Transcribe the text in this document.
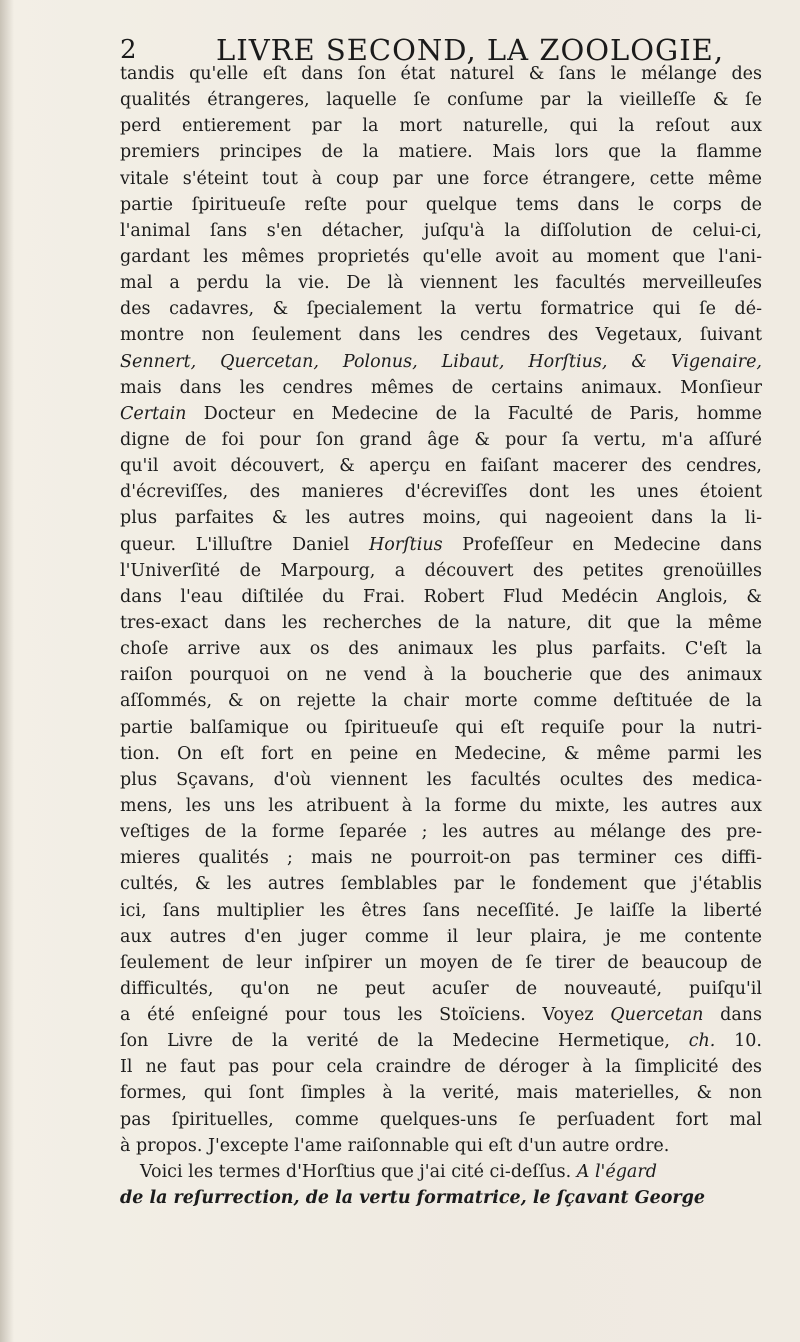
2	LIVRE SECOND, LA ZOOLOGIE,
tandis qu'elle eſt dans ſon état naturel & ſans le mélange des
qualités étrangeres, laquelle ſe conſume par la vieilleſſe & ſe
perd entierement par la mort naturelle, qui la reſout aux
premiers principes de la matiere. Mais lors que la flamme
vitale s'éteint tout à coup par une force étrangere, cette même
partie ſpiritueuſe reſte pour quelque tems dans le corps de
l'animal ſans s'en détacher, juſqu'à la diſſolution de celui-ci,
gardant les mêmes proprietés qu'elle avoit au moment que l'ani-
mal a perdu la vie. De là viennent les facultés merveilleuſes
des cadavres, & ſpecialement la vertu formatrice qui ſe dé-
montre non ſeulement dans les cendres des Vegetaux, ſuivant
Sennert, Quercetan, Polonus, Libaut, Horſtius, & Vigenaire,
mais dans les cendres mêmes de certains animaux. Monſieur
Certain Docteur en Medecine de la Faculté de Paris, homme
digne de foi pour ſon grand âge & pour ſa vertu, m'a aſſuré
qu'il avoit découvert, & aperçu en faiſant macerer des cendres,
d'écreviſſes, des manieres d'écreviſſes dont les unes étoient
plus parfaites & les autres moins, qui nageoient dans la li-
queur. L'illuſtre Daniel Horſtius Profeſſeur en Medecine dans
l'Univerſité de Marpourg, a découvert des petites grenoüilles
dans l'eau diſtilée du Frai. Robert Flud Medécin Anglois, &
tres-exact dans les recherches de la nature, dit que la même
choſe arrive aux os des animaux les plus parfaits. C'eſt la
raiſon pourquoi on ne vend à la boucherie que des animaux
aſſommés, & on rejette la chair morte comme deſtituée de la
partie balſamique ou ſpiritueuſe qui eſt requiſe pour la nutri-
tion. On eſt fort en peine en Medecine, & même parmi les
plus Sçavans, d'où viennent les facultés ocultes des medica-
mens, les uns les atribuent à la forme du mixte, les autres aux
veſtiges de la forme ſeparée ; les autres au mélange des pre-
mieres qualités ; mais ne pourroit-on pas terminer ces diffi-
cultés, & les autres ſemblables par le fondement que j'établis
ici, ſans multiplier les êtres ſans neceſſité. Je laiſſe la liberté
aux autres d'en juger comme il leur plaira, je me contente
ſeulement de leur inſpirer un moyen de ſe tirer de beaucoup de
difficultés, qu'on ne peut acuſer de nouveauté, puiſqu'il
a été enſeigné pour tous les Stoïciens. Voyez Quercetan dans
ſon Livre de la verité de la Medecine Hermetique, ch. 10.
Il ne faut pas pour cela craindre de déroger à la ſimplicité des
formes, qui ſont ſimples à la verité, mais materielles, & non
pas ſpirituelles, comme quelques-uns ſe perſuadent fort mal
à propos. J'excepte l'ame raiſonnable qui eſt d'un autre ordre.
Voici les termes d'Horſtius que j'ai cité ci-deſſus. A l'égard
de la reſurrection, de la vertu formatrice, le ſçavant George
